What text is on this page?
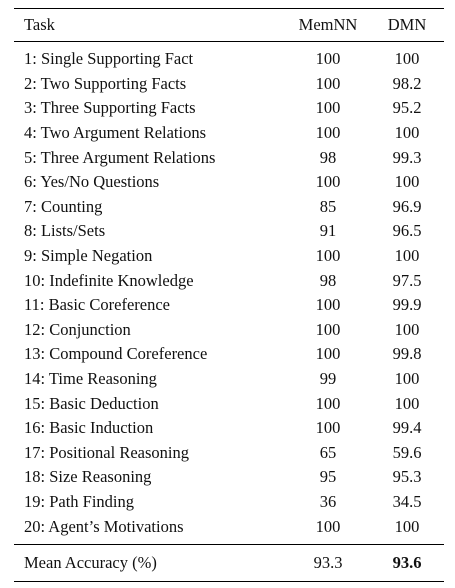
Task	MemNN	DMN
1: Single Supporting Fact	100	100
2: Two Supporting Facts	100	98.2
3: Three Supporting Facts	100	95.2
4: Two Argument Relations	100	100
5: Three Argument Relations	98	99.3
6: Yes/No Questions	100	100
7: Counting	85	96.9
8: Lists/Sets	91	96.5
9: Simple Negation	100	100
10: Indefinite Knowledge	98	97.5
11: Basic Coreference	100	99.9
12: Conjunction	100	100
13: Compound Coreference	100	99.8
14: Time Reasoning	99	100
15: Basic Deduction	100	100
16: Basic Induction	100	99.4
17: Positional Reasoning	65	59.6
18: Size Reasoning	95	95.3
19: Path Finding	36	34.5
20: Agent’s Motivations	100	100
Mean Accuracy (%)	93.3	93.6
